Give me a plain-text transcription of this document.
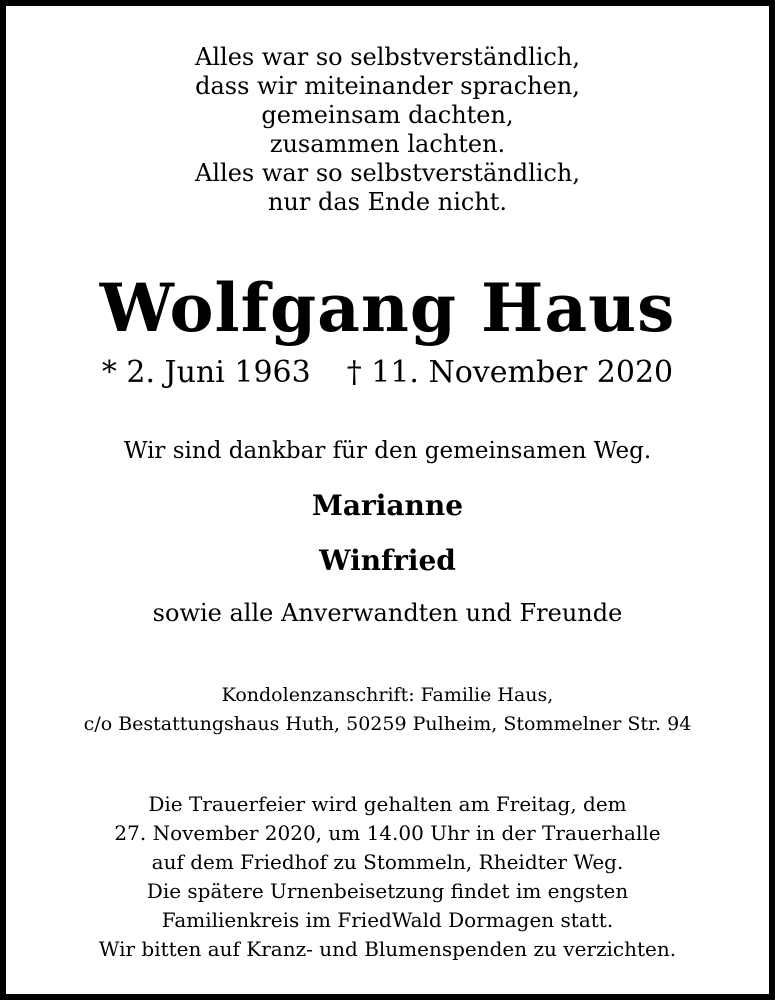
Alles war so selbstverständlich,
dass wir miteinander sprachen,
gemeinsam dachten,
zusammen lachten.
Alles war so selbstverständlich,
nur das Ende nicht.
Wolfgang Haus
* 2. Juni 1963 † 11. November 2020
Wir sind dankbar für den gemeinsamen Weg.
Marianne
Winfried
sowie alle Anverwandten und Freunde
Kondolenzanschrift: Familie Haus,
c/o Bestattungshaus Huth, 50259 Pulheim, Stommelner Str. 94
Die Trauerfeier wird gehalten am Freitag, dem
27. November 2020, um 14.00 Uhr in der Trauerhalle
auf dem Friedhof zu Stommeln, Rheidter Weg.
Die spätere Urnenbeisetzung findet im engsten
Familienkreis im FriedWald Dormagen statt.
Wir bitten auf Kranz- und Blumenspenden zu verzichten.
